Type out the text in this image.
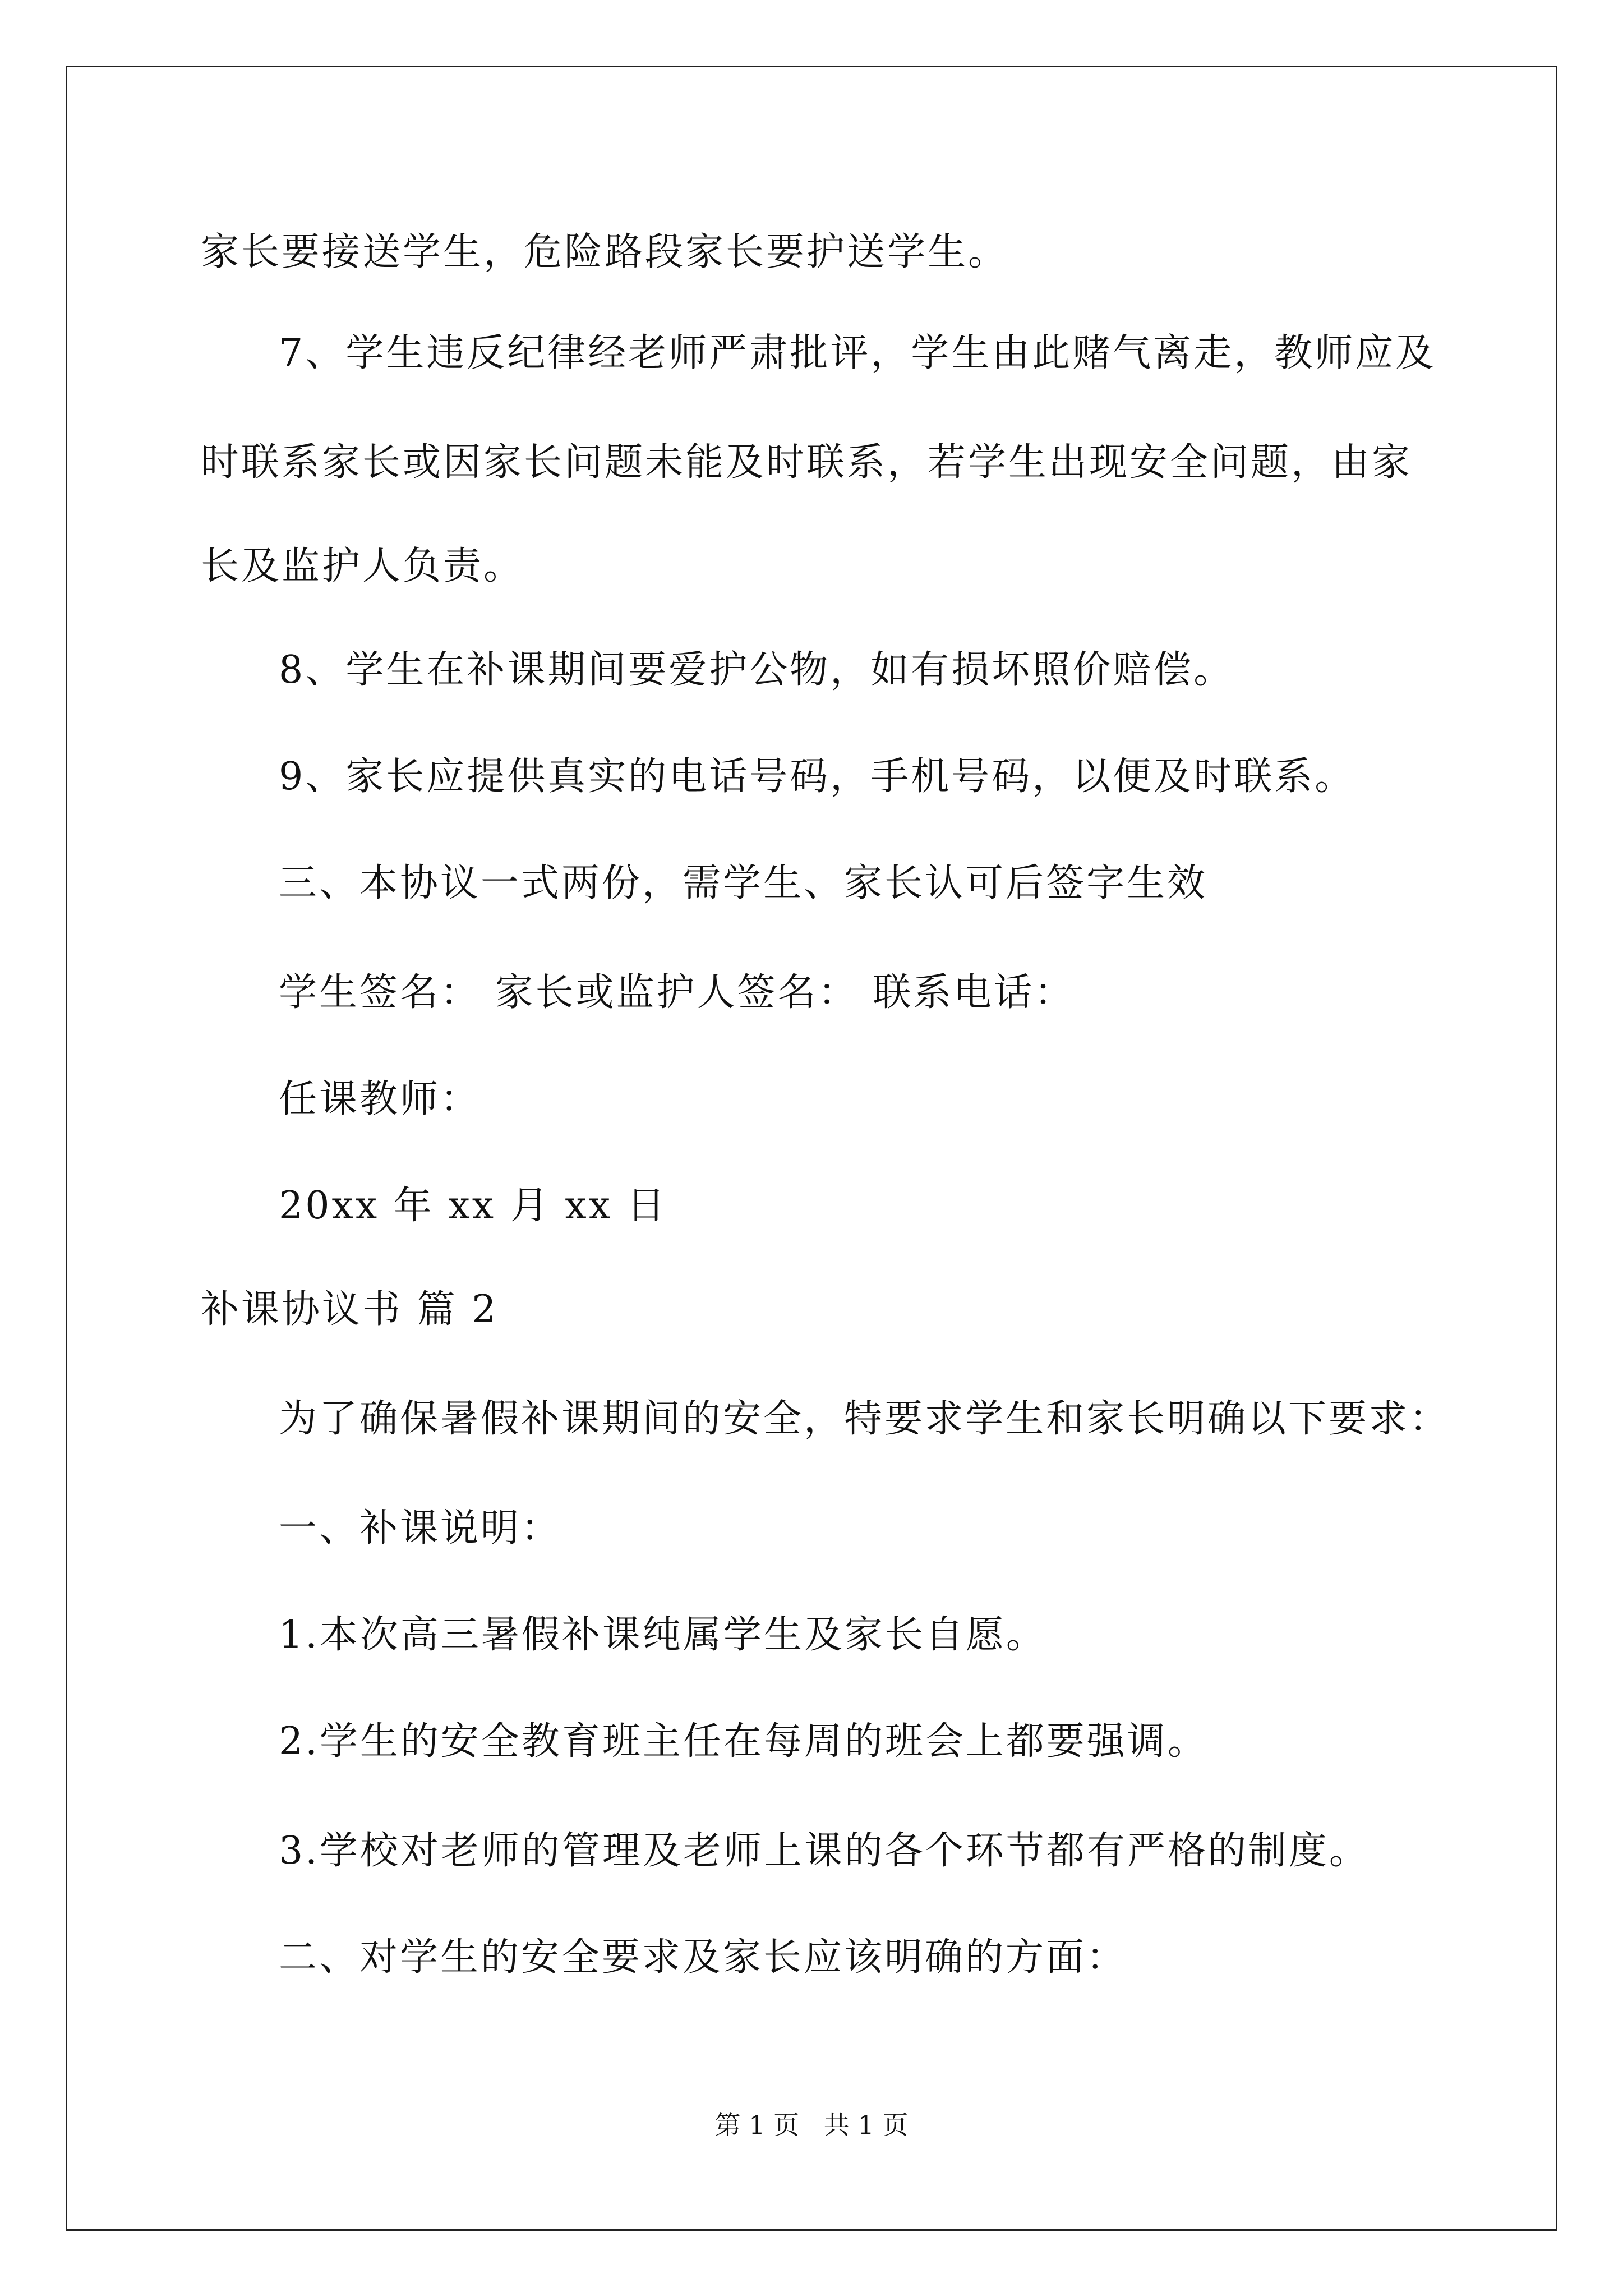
家长要接送学生，危险路段家长要护送学生。
7、学生违反纪律经老师严肃批评，学生由此赌气离走，教师应及
时联系家长或因家长问题未能及时联系，若学生出现安全问题，由家
长及监护人负责。
8、学生在补课期间要爱护公物，如有损坏照价赔偿。
9、家长应提供真实的电话号码，手机号码，以便及时联系。
三、本协议一式两份，需学生、家长认可后签字生效
学生签名： 家长或监护人签名： 联系电话：
任课教师：
20xx 年 xx 月 xx 日
补课协议书 篇 2
为了确保暑假补课期间的安全，特要求学生和家长明确以下要求：
一、补课说明：
1.本次高三暑假补课纯属学生及家长自愿。
2.学生的安全教育班主任在每周的班会上都要强调。
3.学校对老师的管理及老师上课的各个环节都有严格的制度。
二、对学生的安全要求及家长应该明确的方面：
第 1 页   共 1 页
